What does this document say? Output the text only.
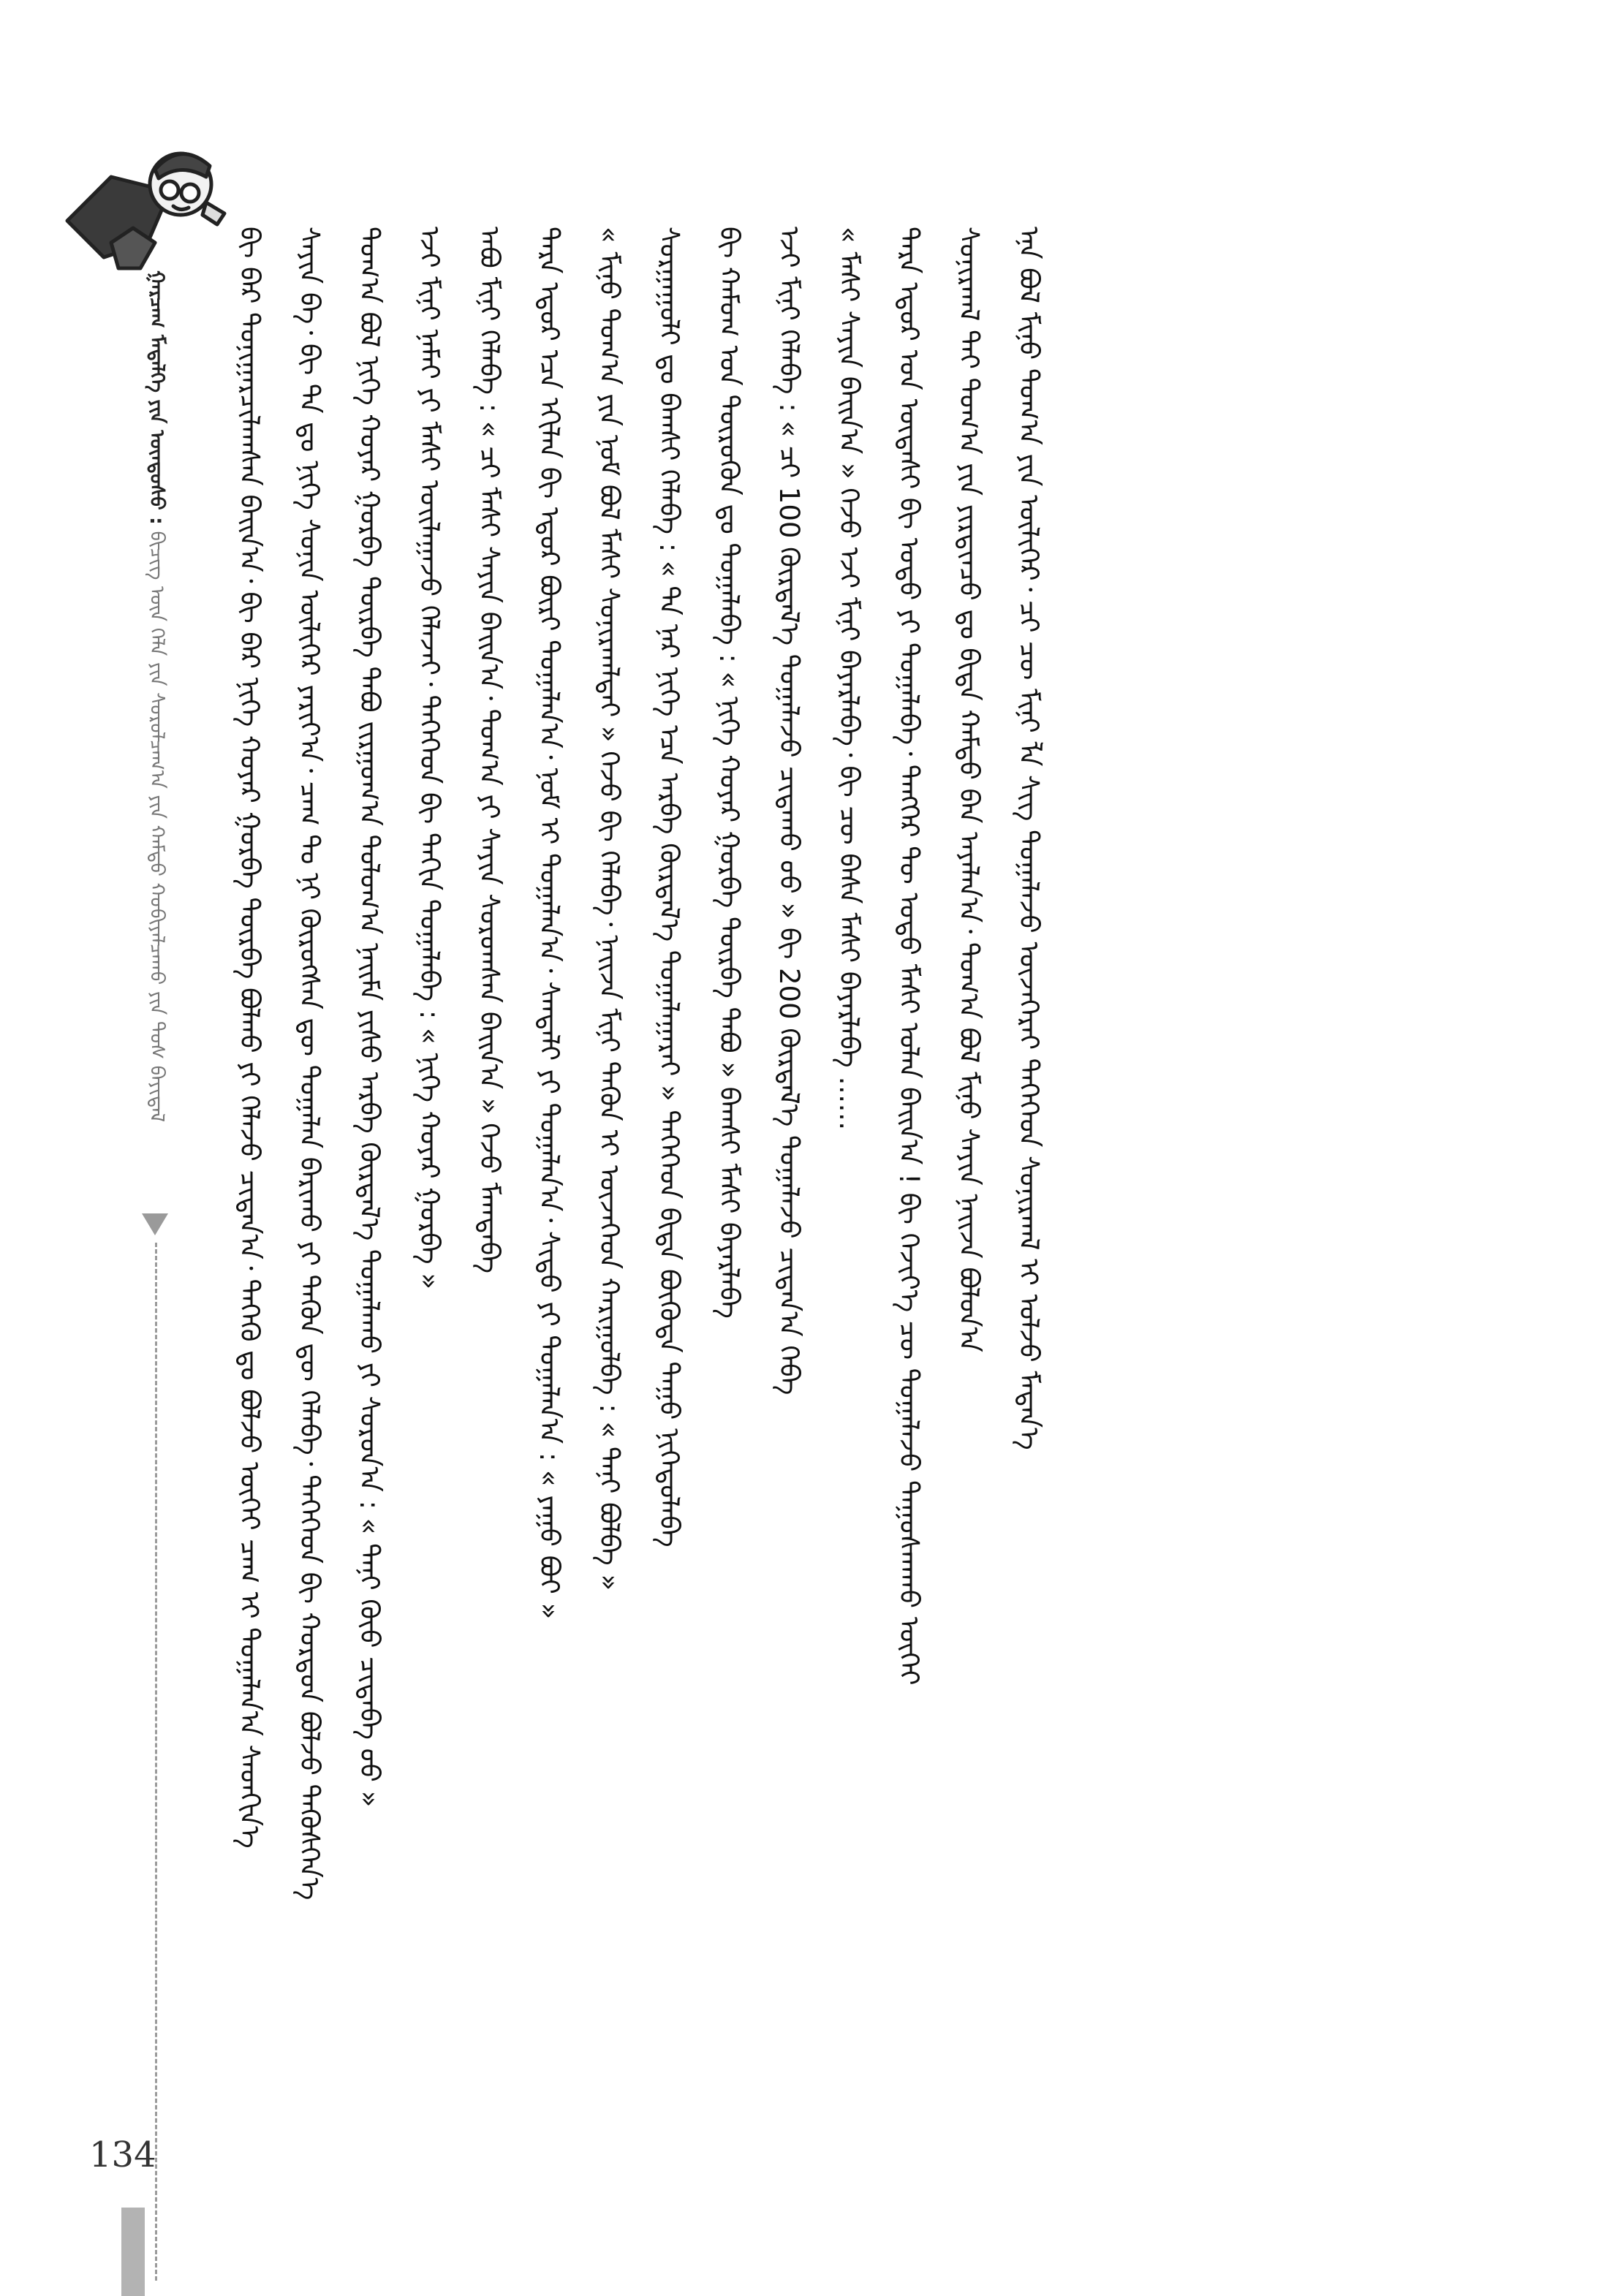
ᠭᠠᠷᠴᠠᠭ ᠮᠡᠳᠡᠯᠭᠡ ᠶᠢᠨ ᠦᠨᠳᠦᠰᠦ : ᠪᠢᠴᠢᠭ᠌ ᠦᠨ ᠬᠡᠯᠡ ᠶᠢᠨ ᠰᠤᠷᠤᠯᠴᠠᠭ᠎ᠠ ᠶᠢᠨ ᠬᠠᠮᠲᠤ ᠬᠤᠪᠢᠶᠠᠯᠴᠠᠬᠤ ᠶᠢᠨ ᠲᠤᠰ ᠪᠠᠶᠢᠳᠠᠯ	ᠪᠢ ᠪᠡᠷ ᠲᠤᠨᠢᠭᠠᠷᠴᠢᠯᠠᠭᠰᠠᠨ ᠪᠠᠢᠨ᠎ᠠ᠂ ᠪᠢ ᠪᠡᠷ ᠨᠢᠭᠡ ᠬᠤᠶᠠᠷ ᠭᠤᠷᠪᠠ ᠳᠦᠷᠪᠡ ᠪᠣᠯᠬᠤ ᠶᠢ ᠬᠡᠯᠡᠵᠦ ᠴᠢᠳᠠᠨ᠎ᠠ᠂ ᠲᠡᠭᠡᠬᠦ ᠳᠤ ᠪᠣᠯᠵᠤ ᠦᠭᠡᠢ ᠴᠠᠭ ᠢ ᠲᠣᠭᠠᠯᠠᠨ᠎ᠠ ᠰᠡᠳᠬᠢᠨ᠎ᠡ	ᠰᠠᠶᠢᠨ ᠪᠡ᠂ ᠪᠢ ᠲᠠ ᠳᠤ ᠨᠢᠭᠡ ᠰᠣᠨᠢᠨ ᠦᠯᠢᠭᠡᠷ ᠶᠠᠷᠢᠶ᠎ᠠ᠂ ᠴᠠᠭ ᠲᠤ ᠨᠢ ᠬᠦᠷᠦᠭᠰᠡᠨ ᠳᠦ ᠲᠣᠭᠠᠯᠠᠨ ᠪᠠᠷᠢᠬᠤ ᠶᠢ ᠲᠡᠭᠦᠨ ᠳᠦ ᠬᠡᠯᠡᠪᠡ᠂ ᠲᠡᠭᠡᠭᠡᠳ ᠪᠢ ᠬᠤᠷᠳᠤᠨ ᠪᠣᠯᠵᠤ ᠲᠡᠭᠦᠰᠭᠡᠨ᠎ᠡ	ᠲᠣᠭ᠎ᠠ ᠪᠣᠯ ᠨᠢᠭᠡ ᠬᠤᠶᠠᠷ ᠭᠤᠷᠪᠠ ᠳᠦᠷᠪᠡ ᠲᠠᠪᠤ ᠵᠢᠷᠭᠤᠭ᠎ᠠ ᠳᠣᠯᠣᠭ᠎ᠠ ᠨᠠᠢᠮᠠ ᠶᠢᠰᠦ ᠠᠷᠪᠠ ᠬᠦᠷᠲᠡᠯ᠎ᠡ ᠲᠣᠭᠠᠯᠠᠬᠤ ᠶᠢ ᠰᠤᠷᠤᠨ᠎ᠠ : « ᠲᠠᠨᠢ ᠬᠦᠦ ᠴᠢᠳᠠᠪᠠ ᠦᠦ »	ᠡᠵᠢ ᠮᠢᠨᠢ ᠨᠠᠮᠠᠢ ᠶᠢ ᠮᠠᠰᠢ ᠣᠢᠯᠠᠭᠠᠵᠤ ᠬᠡᠯᠡᠵᠡᠢ᠂ ᠲᠡᠭᠡᠭᠡᠳ ᠪᠢ ᠳᠠᠬᠢᠨ ᠲᠣᠭᠠᠯᠠᠪᠠ : « ᠨᠢᠭᠡ ᠬᠤᠶᠠᠷ ᠭᠤᠷᠪᠠ »	ᠠᠪᠤ ᠮᠢᠨᠢ ᠬᠡᠯᠡᠪᠡ : « ᠴᠢ ᠮᠠᠰᠢ ᠰᠠᠶᠢᠨ ᠪᠠᠢᠨ᠎ᠠ᠂ ᠲᠣᠭ᠎ᠠ ᠶᠢ ᠰᠠᠶᠢᠨ ᠰᠤᠷᠤᠭᠰᠠᠨ ᠪᠠᠢᠨ᠎ᠠ » ᠭᠡᠵᠦ ᠮᠠᠭᠲᠠᠪᠠ	ᠲᠡᠷᠡ ᠡᠳᠦᠷ ᠡᠴᠡ ᠡᠬᠢᠯᠡᠨ ᠪᠢ ᠡᠳᠦᠷ ᠪᠦᠷᠢ ᠲᠣᠭᠠᠯᠠᠨ᠎ᠠ᠂ ᠨᠣᠮ ᠢ ᠲᠣᠭᠠᠯᠠᠨ᠎ᠠ᠂ ᠰᠠᠨᠳᠠᠯᠢ ᠶᠢ ᠲᠣᠭᠠᠯᠠᠨ᠎ᠠ᠂ ᠰᠢᠲᠦ ᠶᠢ ᠲᠣᠭᠠᠯᠠᠨ᠎ᠠ : « ᠶᠠᠭᠤ ᠪᠤᠢ »	« ᠮᠢᠨᠤ ᠲᠣᠭ᠎ᠠ ᠶᠢᠨ ᠨᠣᠮ ᠪᠣᠯ ᠮᠠᠰᠢ ᠰᠤᠨᠢᠷᠬᠠᠯᠲᠠᠢ » ᠭᠡᠵᠦ ᠪᠢ ᠬᠡᠯᠡᠪᠡ᠂ ᠨᠠᠢᠵᠠ ᠮᠢᠨᠢ ᠲᠡᠭᠦᠨ ᠢ ᠦᠵᠡᠭᠡᠳ ᠬᠠᠷᠢᠭᠤᠯᠪᠠ : « ᠲᠠᠨᠢ ᠪᠣᠯᠪᠠ »	ᠰᠤᠷᠭᠠᠭᠤᠯᠢ ᠳᠤ ᠪᠠᠭᠰᠢ ᠬᠡᠯᠡᠪᠡ : « ᠲᠠ ᠨᠠᠷ ᠨᠢᠭᠡ ᠡᠴᠡ ᠠᠷᠪᠠ ᠬᠦᠷᠲᠡᠯ᠎ᠡ ᠲᠣᠭᠠᠯᠠᠭᠠᠷᠠᠢ » ᠲᠡᠭᠡᠭᠡᠳ ᠪᠢᠳᠡ ᠪᠦᠭᠦᠳᠡ ᠳᠠᠭᠤ ᠨᠢᠭᠡᠳᠦᠯᠡᠪᠡ	ᠪᠢ ᠬᠠᠮᠤᠭ ᠤᠨ ᠲᠦᠷᠦᠭᠦᠨ ᠳᠤ ᠲᠣᠭᠠᠯᠠᠪᠠ : « ᠨᠢᠭᠡ ᠬᠤᠶᠠᠷ ᠭᠤᠷᠪᠠ ᠳᠦᠷᠪᠡ ᠲᠠᠪᠤ » ᠪᠠᠭᠰᠢ ᠮᠠᠰᠢ ᠪᠠᠶᠠᠷᠯᠠᠪᠠ	ᠡᠵᠢ ᠮᠢᠨᠢ ᠬᠡᠯᠡᠪᠡ : « ᠴᠢ 100 ᠬᠦᠷᠲᠡᠯ᠎ᠡ ᠲᠣᠭᠠᠯᠠᠵᠤ ᠴᠢᠳᠠᠬᠤ ᠦᠦ » ᠪᠢ 200 ᠬᠦᠷᠲᠡᠯ᠎ᠡ ᠲᠣᠭᠠᠯᠠᠵᠤ ᠴᠢᠳᠠᠨ᠎ᠠ ᠭᠡᠪᠡ	« ᠮᠠᠰᠢ ᠰᠠᠶᠢᠨ ᠪᠠᠢᠨ᠎ᠠ » ᠭᠡᠵᠦ ᠡᠵᠢ ᠮᠢᠨᠢ ᠪᠠᠶᠠᠷᠯᠠᠪᠠ᠂ ᠪᠢ ᠴᠦ ᠪᠠᠰᠠ ᠮᠠᠰᠢ ᠪᠠᠶᠠᠷᠯᠠᠪᠠ ……	ᠲᠡᠷᠡ ᠡᠳᠦᠷ ᠤᠨ ᠦᠳᠡᠰᠢ ᠪᠢ ᠣᠳᠣ ᠶᠢ ᠲᠣᠭᠠᠯᠠᠪᠠ᠂ ᠲᠡᠩᠭᠡᠷ ᠲᠦ ᠣᠳᠣ ᠮᠠᠰᠢ ᠣᠯᠠᠨ ᠪᠠᠢᠨ᠎ᠠ ! ᠪᠢ ᠬᠡᠵᠢᠶ᠎ᠡ ᠴᠦ ᠲᠣᠭᠠᠯᠠᠵᠤ ᠳᠠᠭᠤᠰᠬᠠᠬᠤ ᠦᠭᠡᠢ	ᠰᠣᠨᠢᠷᠬᠠᠯ ᠲᠠᠢ ᠲᠣᠭ᠎ᠠ ᠶᠢᠨ ᠶᠢᠷᠲᠢᠨᠴᠦ ᠳᠤ ᠪᠢᠳᠡ ᠬᠠᠮᠲᠤ ᠪᠡᠨ ᠠᠶᠠᠯᠠᠨ᠎ᠠ᠂ ᠲᠣᠭ᠎ᠠ ᠪᠣᠯ ᠮᠢᠨᠤ ᠰᠠᠶᠢᠨ ᠨᠠᠢᠵᠠ ᠪᠣᠯᠤᠨ᠎ᠠ	ᠡᠨᠡ ᠪᠣᠯ ᠮᠢᠨᠤ ᠲᠣᠭ᠎ᠠ ᠶᠢᠨ ᠦᠯᠢᠭᠡᠷ᠂ ᠴᠢ ᠴᠦ ᠮᠢᠨᠢ ᠯᠡ ᠰᠢᠭ ᠲᠣᠭᠠᠯᠠᠵᠤ ᠦᠵᠡᠭᠡᠷᠡᠢ ᠲᠡᠭᠡᠭᠡᠳ ᠰᠤᠨᠢᠷᠬᠠᠯ ᠢ ᠣᠯᠵᠤ ᠮᠡᠳᠡᠨ᠎ᠡ
134
